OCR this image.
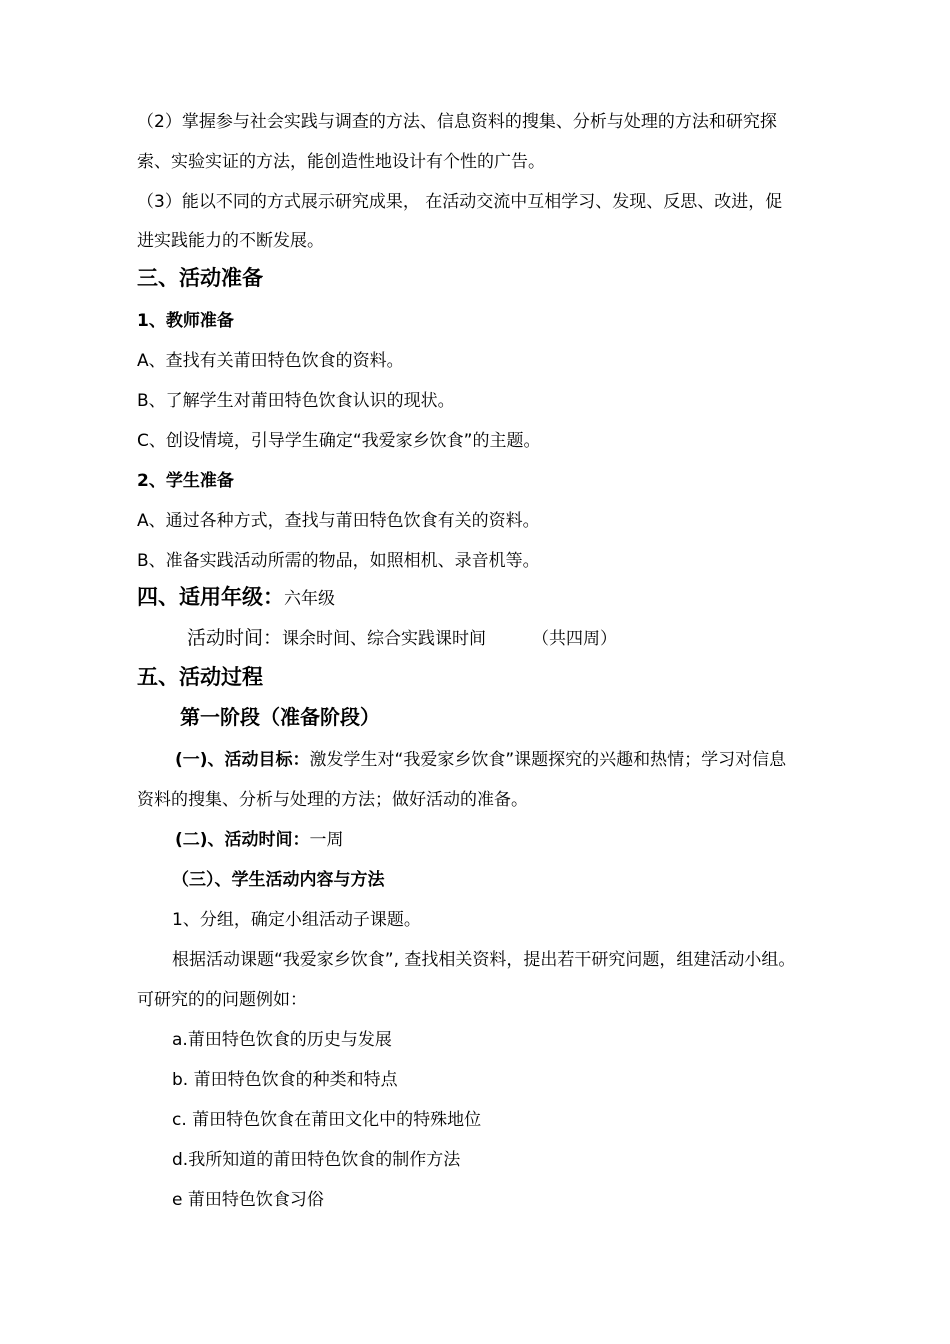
（2）掌握参与社会实践与调查的方法、信息资料的搜集、分析与处理的方法和研究探
索、实验实证的方法，能创造性地设计有个性的广告。
（3）能以不同的方式展示研究成果， 在活动交流中互相学习、发现、反思、改进，促
进实践能力的不断发展。
三、活动准备
1、教师准备
A、查找有关莆田特色饮食的资料。
B、了解学生对莆田特色饮食认识的现状。
C、创设情境，引导学生确定“我爱家乡饮食”的主题。
2、学生准备
A、通过各种方式，查找与莆田特色饮食有关的资料。
B、准备实践活动所需的物品，如照相机、录音机等。
四、适用年级：六年级
活动时间：课余时间、综合实践课时间	（共四周）
五、活动过程
第一阶段（准备阶段）
(一)、活动目标：激发学生对“我爱家乡饮食”课题探究的兴趣和热情；学习对信息
资料的搜集、分析与处理的方法；做好活动的准备。
(二)、活动时间：一周
（三）、学生活动内容与方法
1、分组，确定小组活动子课题。
根据活动课题“我爱家乡饮食”, 查找相关资料，提出若干研究问题，组建活动小组。
可研究的的问题例如：
a.莆田特色饮食的历史与发展
b. 莆田特色饮食的种类和特点
c. 莆田特色饮食在莆田文化中的特殊地位
d.我所知道的莆田特色饮食的制作方法
e 莆田特色饮食习俗
